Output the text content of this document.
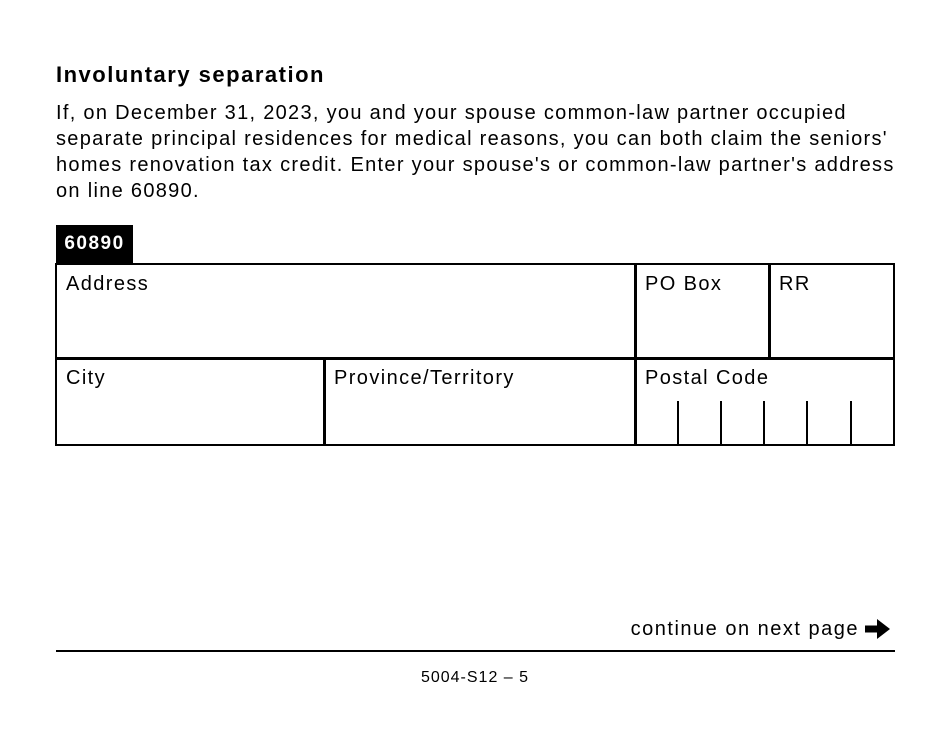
Involuntary separation

If, on December 31, 2023, you and your spouse common-law partner occupied separate principal residences for medical reasons, you can both claim the seniors' homes renovation tax credit. Enter your spouse's or common-law partner's address on line 60890.

60890
Address	PO Box	RR
City	Province/Territory	Postal Code
continue on next page
5004-S12 – 5
